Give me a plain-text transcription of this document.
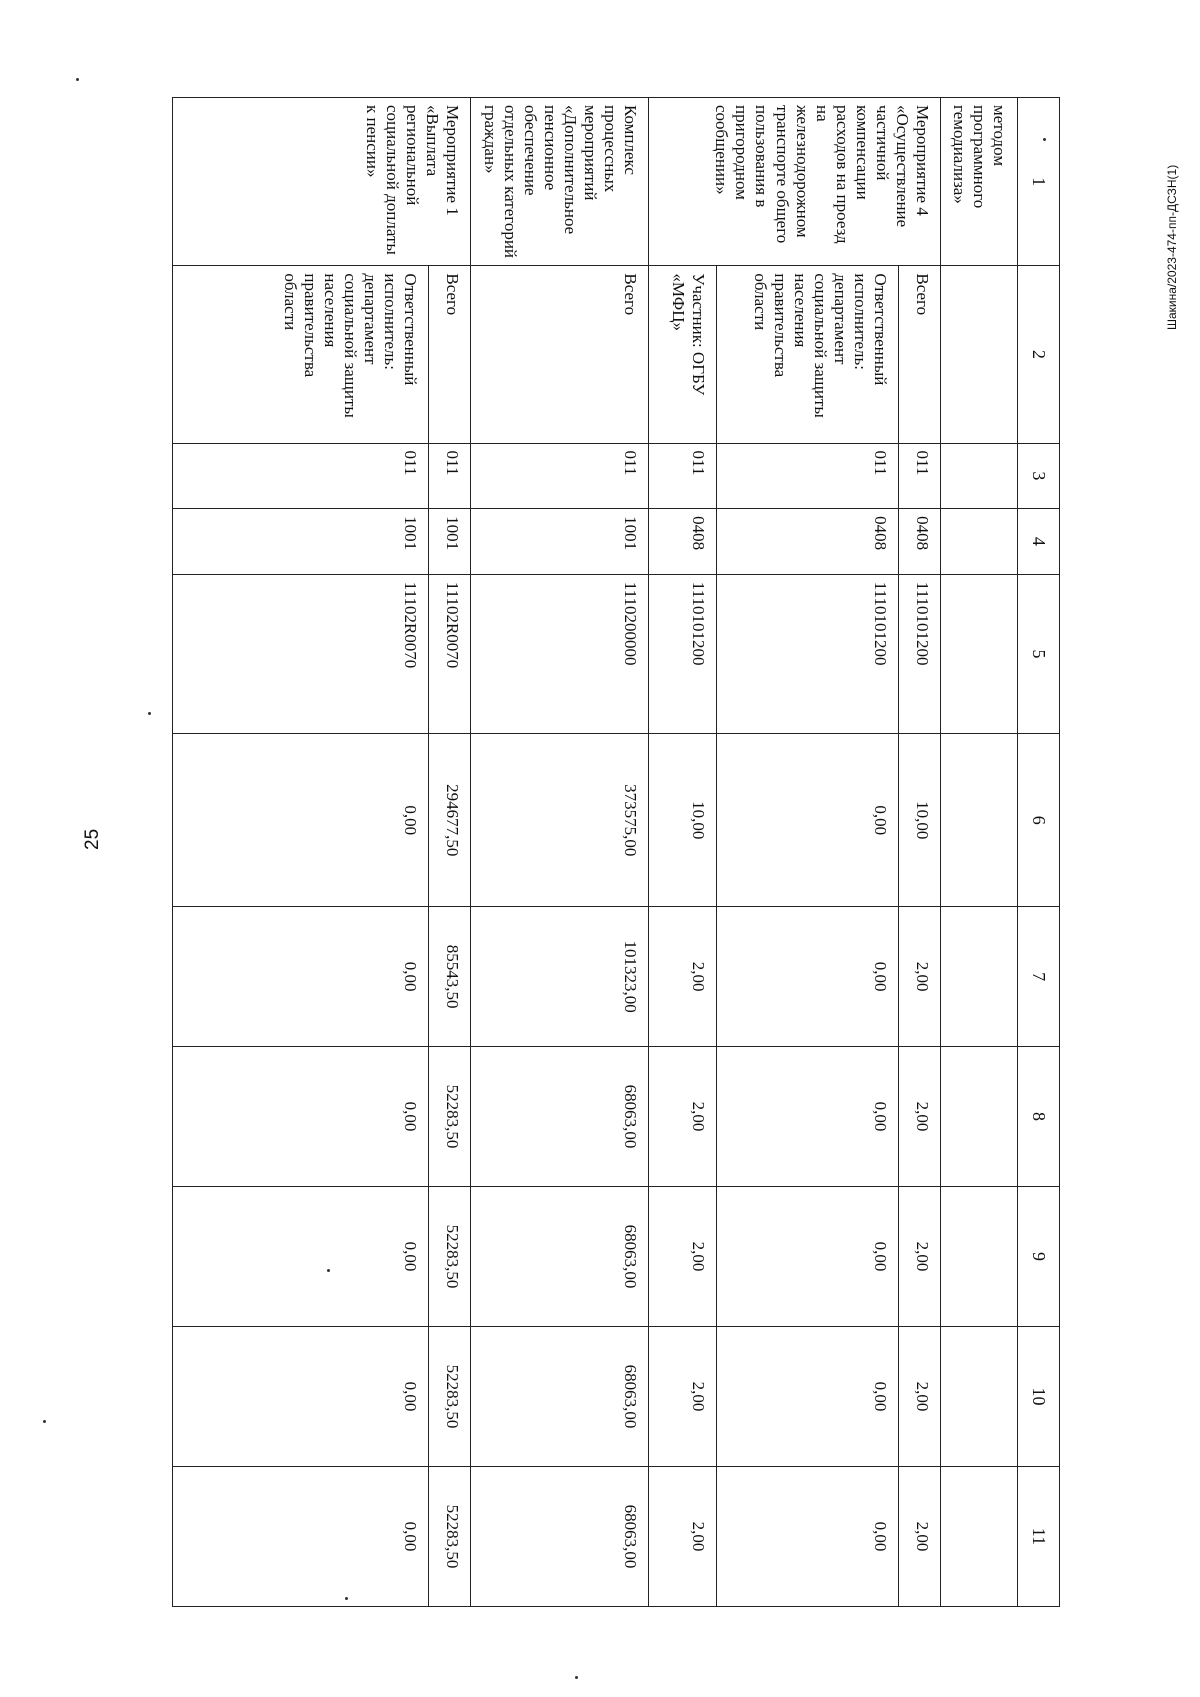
25
Шакина/2023-474-пп-ДСЗН(1)
1	2	3	4	5	6	7	8	9	10	11
методом программного гемодиализа»										
Мероприятие 4 «Осуществление частичной компенсации расходов на проезд на железнодорожном транспорте общего пользования в пригородном сообщении»	Всего	011	0408	1110101200	10,00	2,00	2,00	2,00	2,00	2,00
	Ответственный исполнитель: департамент социальной защиты населения правительства области	011	0408	1110101200	0,00	0,00	0,00	0,00	0,00	0,00
	Участник: ОГБУ «МФЦ»	011	0408	1110101200	10,00	2,00	2,00	2,00	2,00	2,00
Комплекс процессных мероприятий «Дополнительное пенсионное обеспечение отдельных категорий граждан»	Всего	011	1001	1110200000	373575,00	101323,00	68063,00	68063,00	68063,00	68063,00
Мероприятие 1 «Выплата региональной социальной доплаты к пенсии»	Всего	011	1001	11102R0070	294677,50	85543,50	52283,50	52283,50	52283,50	52283,50
	Ответственный исполнитель: департамент социальной защиты населения правительства области	011	1001	11102R0070	0,00	0,00	0,00	0,00	0,00	0,00
